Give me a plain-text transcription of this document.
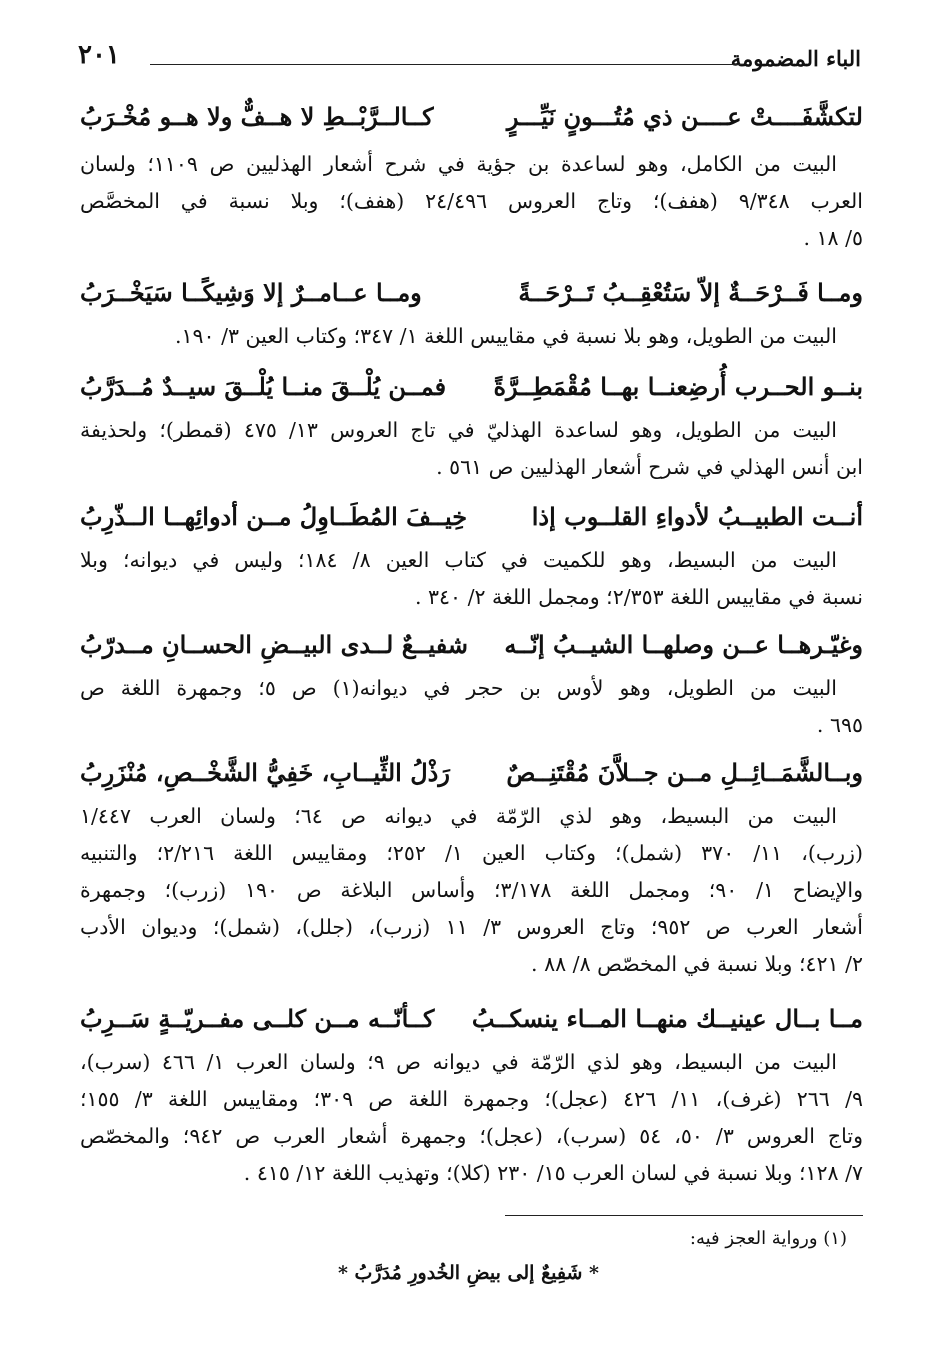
الباء المضمومة
٢٠١
لتكشَّفَــــتْ عــــن ذي مُتُـــونٍ نَيِّـــرٍ
كــالــرَّبْــطِ لا هــفٌّ ولا هــو مُخْـرَبُ
البيت من الكامل، وهو لساعدة بن جؤية في شرح أشعار الهذليين ص ١١٠٩؛ ولسان
العرب ٩/٣٤٨ (هفف)؛ وتاج العروس ٢٤/٤٩٦ (هفف)؛ وبلا نسبة في المخصَّص
٥/ ١٨ .
ومــا فَــرْحَــةٌ إلاّ سَتُعْقِــبُ تَــرْحَــةً
ومــا عــامــرٌ إلا وَشِيكًــا سَيَخْــرَبُ
البيت من الطويل، وهو بلا نسبة في مقاييس اللغة ١/ ٣٤٧؛ وكتاب العين ٣/ ١٩٠.
بنــو الحــرب أُرضِعنــا بهــا مُقْمَطِــرَّةً
فمــن يُلْــقَ منــا يُلْــقَ سيــدٌ مُــدَرَّبُ
البيت من الطويل، وهو لساعدة الهذليّ في تاج العروس ١٣/ ٤٧٥ (قمطر)؛ ولحذيفة
ابن أنس الهذلي في شرح أشعار الهذليين ص ٥٦١ .
أنــت الطبيــبُ لأدواءِ القلــوب إذا
خِيــفَ المُطَــاوِلُ مــن أدوائِهــا الــذّرِبُ
البيت من البسيط، وهو للكميت في كتاب العين ٨/ ١٨٤؛ وليس في ديوانه؛ وبلا
نسبة في مقاييس اللغة ٢/٣٥٣؛ ومجمل اللغة ٢/ ٣٤٠ .
وغيّـرهــا عــن وصلهــا الشيــبُ إنّــه
شفيــعٌ لــدى البيــضِ الحســانِ مــدرّبُ
البيت من الطويل، وهو لأوس بن حجر في ديوانه(١) ص ٥؛ وجمهرة اللغة ص
٦٩٥ .
وبــالشَّمَــائِــلِ مــن جــلاَّنَ مُقْتَنِــصٌ
رَذْلُ الثِّيــابِ، خَفِيُّ الشَّخْــصِ، مُنْزَرِبُ
البيت من البسيط، وهو لذي الرّمّة في ديوانه ص ٦٤؛ ولسان العرب ١/٤٤٧
(زرب)، ١١/ ٣٧٠ (شمل)؛ وكتاب العين ١/ ٢٥٢؛ ومقاييس اللغة ٢/٢١٦؛ والتنبيه
والإيضاح ١/ ٩٠؛ ومجمل اللغة ٣/١٧٨؛ وأساس البلاغة ص ١٩٠ (زرب)؛ وجمهرة
أشعار العرب ص ٩٥٢؛ وتاج العروس ٣/ ١١ (زرب)، (جلل)، (شمل)؛ وديوان الأدب
٢/ ٤٢١؛ وبلا نسبة في المخصّص ٨/ ٨٨ .
مــا بــال عينيــك منهــا المــاء ينسكــبُ
كــأنّــه مــن كلــى مفــريّــةٍ سَــرِبُ
البيت من البسيط، وهو لذي الرّمّة في ديوانه ص ٩؛ ولسان العرب ١/ ٤٦٦ (سرب)،
٩/ ٢٦٦ (غرف)، ١١/ ٤٢٦ (عجل)؛ وجمهرة اللغة ص ٣٠٩؛ ومقاييس اللغة ٣/ ١٥٥؛
وتاج العروس ٣/ ٥٠، ٥٤ (سرب)، (عجل)؛ وجمهرة أشعار العرب ص ٩٤٢؛ والمخصّص
٧/ ١٢٨؛ وبلا نسبة في لسان العرب ١٥/ ٢٣٠ (كلا)؛ وتهذيب اللغة ١٢/ ٤١٥ .
(١) ورواية العجز فيه:
* شَفِيعٌ إلى بيضِ الخُدورِ مُدَرَّبُ *
